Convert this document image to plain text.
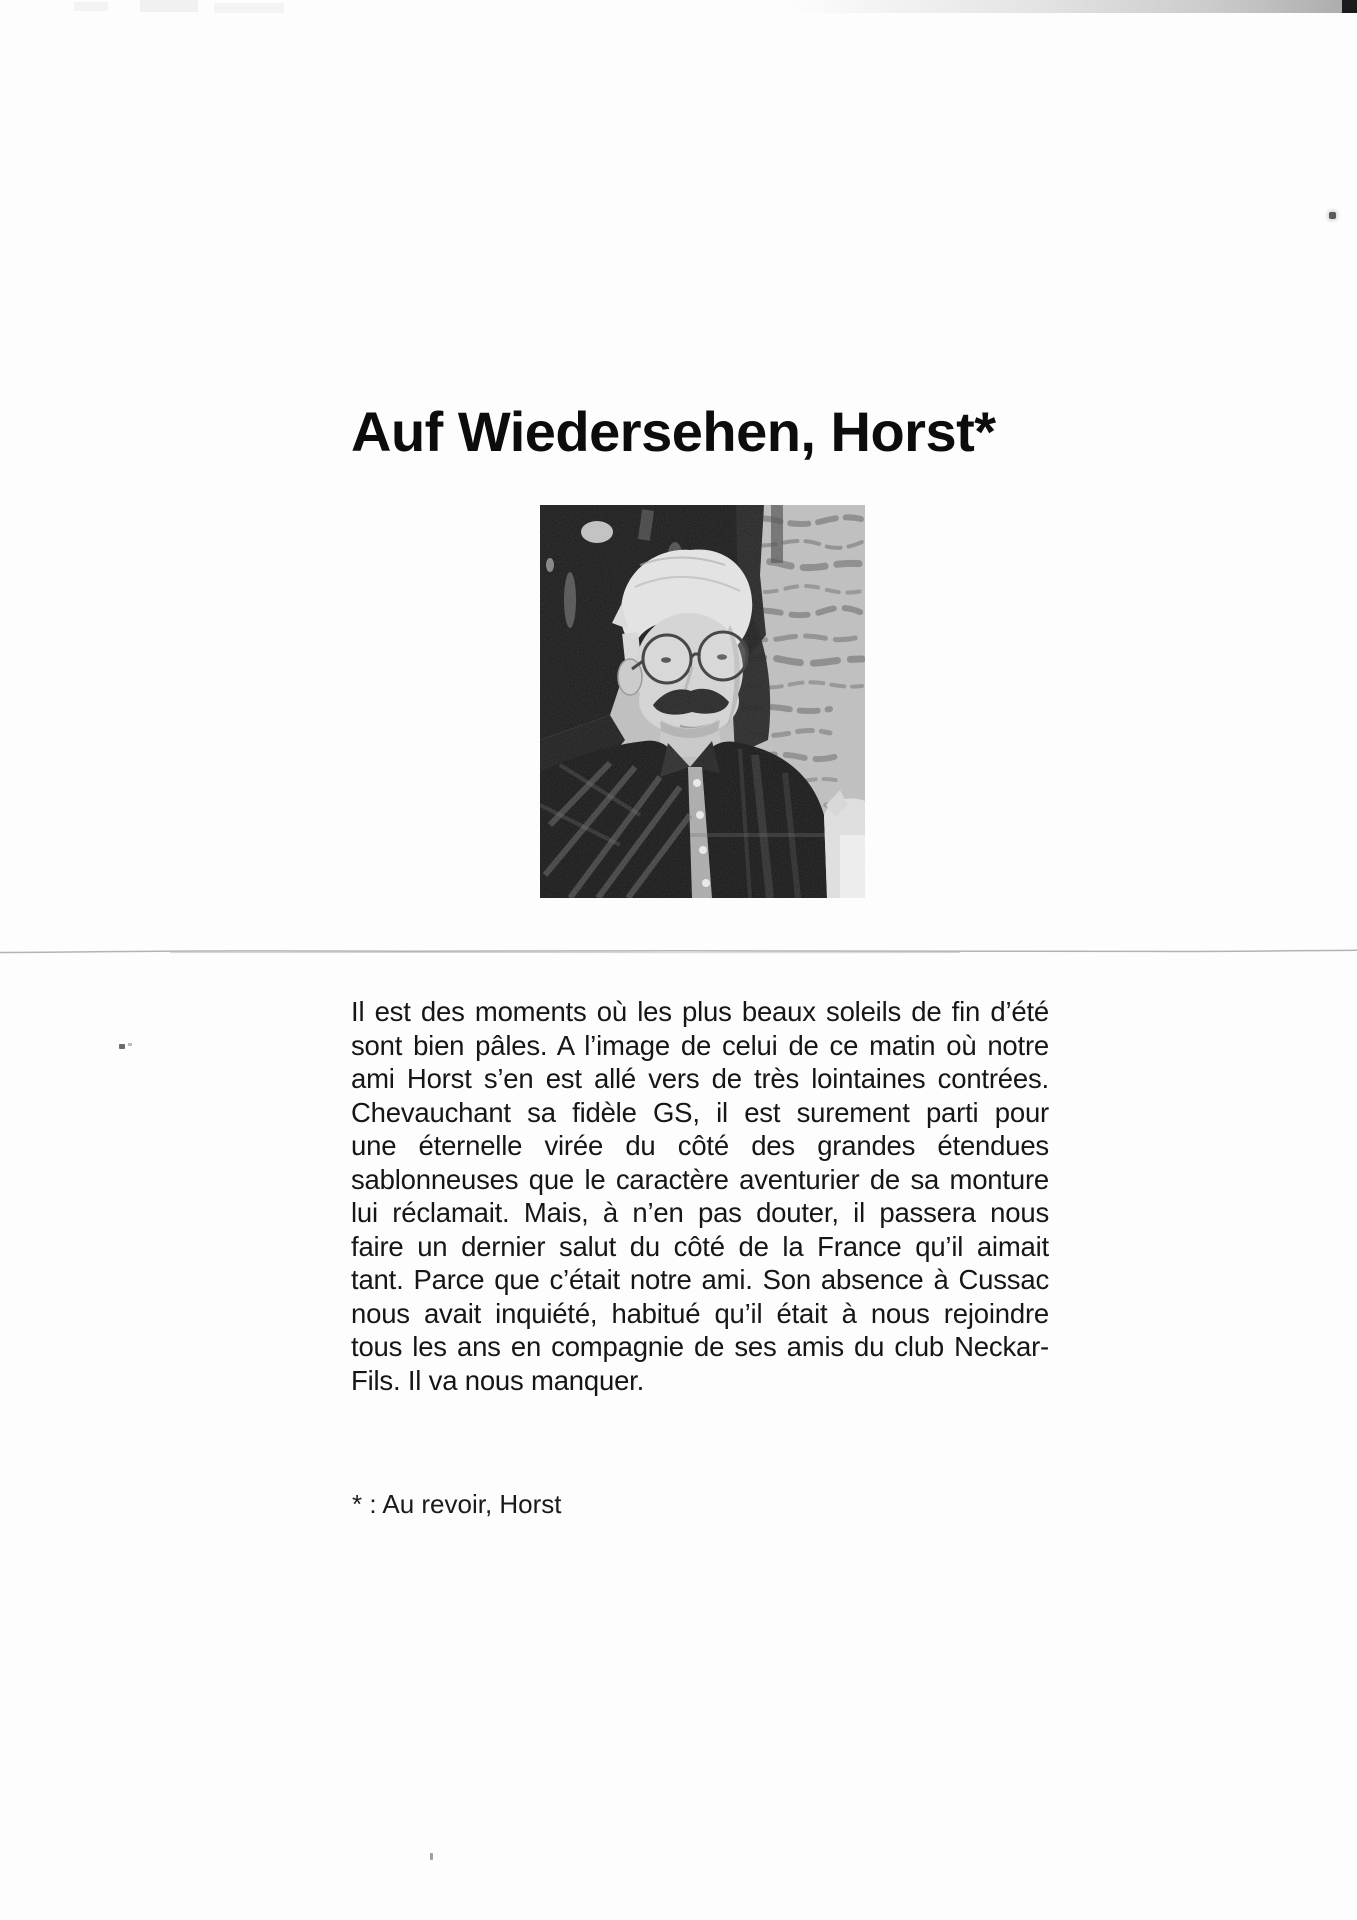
Auf Wiedersehen, Horst*
Il est des moments où les plus beaux soleils de fin d’été
sont bien pâles. A l’image de celui de ce matin où notre
ami Horst s’en est allé vers de très lointaines contrées.
Chevauchant sa fidèle GS, il est surement parti pour
une éternelle virée du côté des grandes étendues
sablonneuses que le caractère aventurier de sa monture
lui réclamait. Mais, à n’en pas douter, il passera nous
faire un dernier salut du côté de la France qu’il aimait
tant. Parce que c’était notre ami. Son absence à Cussac
nous avait inquiété, habitué qu’il était à nous rejoindre
tous les ans en compagnie de ses amis du club Neckar-
Fils. Il va nous manquer.
* : Au revoir, Horst
